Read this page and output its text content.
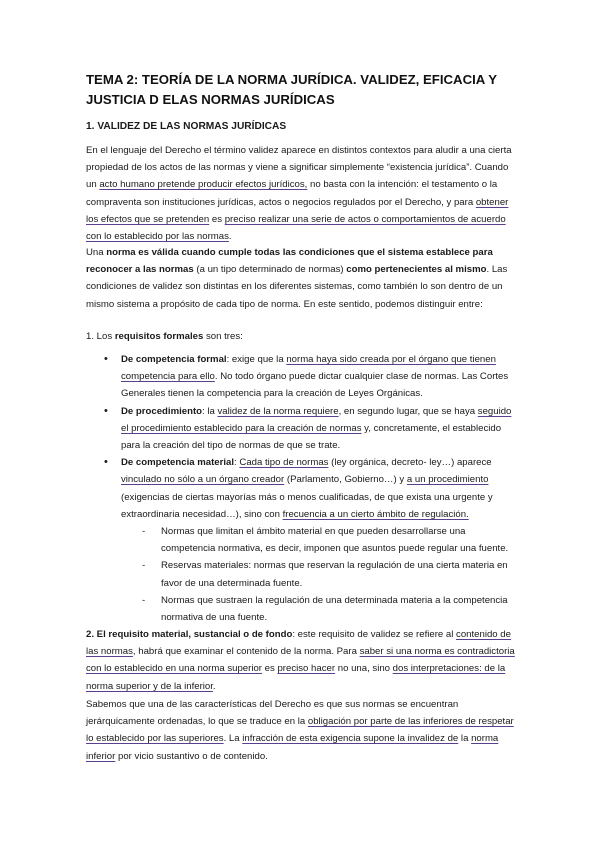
TEMA 2: TEORÍA DE LA NORMA JURÍDICA. VALIDEZ, EFICACIA Y JUSTICIA D ELAS NORMAS JURÍDICAS
1. VALIDEZ DE LAS NORMAS JURÍDICAS

En el lenguaje del Derecho el término validez aparece en distintos contextos para aludir a una cierta propiedad de los actos de las normas y viene a significar simplemente “existencia jurídica”. Cuando un acto humano pretende producir efectos jurídicos, no basta con la intención: el testamento o la compraventa son instituciones jurídicas, actos o negocios regulados por el Derecho, y para obtener los efectos que se pretenden es preciso realizar una serie de actos o comportamientos de acuerdo con lo establecido por las normas.

Una norma es válida cuando cumple todas las condiciones que el sistema establece para reconocer a las normas (a un tipo determinado de normas) como pertenecientes al mismo. Las condiciones de validez son distintas en los diferentes sistemas, como también lo son dentro de un mismo sistema a propósito de cada tipo de norma. En este sentido, podemos distinguir entre:

1. Los requisitos formales son tres:

• De competencia formal: exige que la norma haya sido creada por el órgano que tienen competencia para ello. No todo órgano puede dictar cualquier clase de normas. Las Cortes Generales tienen la competencia para la creación de Leyes Orgánicas.
• De procedimiento: la validez de la norma requiere, en segundo lugar, que se haya seguido el procedimiento establecido para la creación de normas y, concretamente, el establecido para la creación del tipo de normas de que se trate.
• De competencia material: Cada tipo de normas (ley orgánica, decreto- ley…) aparece vinculado no sólo a un órgano creador (Parlamento, Gobierno…) y a un procedimiento (exigencias de ciertas mayorías más o menos cualificadas, de que exista una urgente y extraordinaria necesidad…), sino con frecuencia a un cierto ámbito de regulación.
- Normas que limitan el ámbito material en que pueden desarrollarse una competencia normativa, es decir, imponen que asuntos puede regular una fuente.
- Reservas materiales: normas que reservan la regulación de una cierta materia en favor de una determinada fuente.
- Normas que sustraen la regulación de una determinada materia a la competencia normativa de una fuente.

2. El requisito material, sustancial o de fondo: este requisito de validez se refiere al contenido de las normas, habrá que examinar el contenido de la norma. Para saber si una norma es contradictoria con lo establecido en una norma superior es preciso hacer no una, sino dos interpretaciones: de la norma superior y de la inferior.

Sabemos que una de las características del Derecho es que sus normas se encuentran jerárquicamente ordenadas, lo que se traduce en la obligación por parte de las inferiores de respetar lo establecido por las superiores. La infracción de esta exigencia supone la invalidez de la norma inferior por vicio sustantivo o de contenido.
